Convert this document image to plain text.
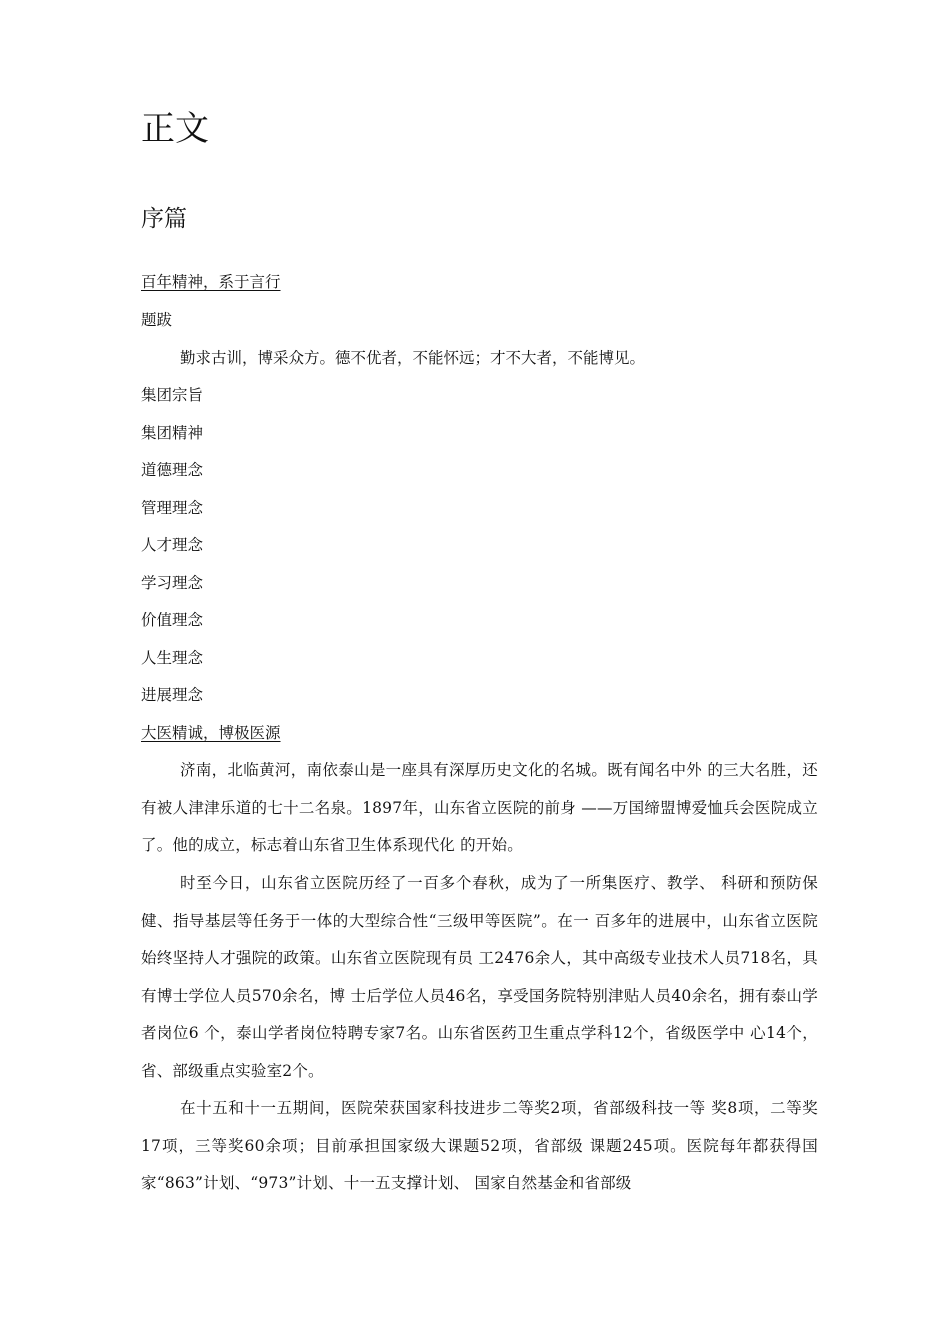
正文
序篇
百年精神，系于言行
题跋
勤求古训，博采众方。德不优者，不能怀远；才不大者，不能博见。
集团宗旨
集团精神
道德理念
管理理念
人才理念
学习理念
价值理念
人生理念
进展理念
大医精诚，博极医源
济南，北临黄河，南依泰山是一座具有深厚历史文化的名城。既有闻名中外 的三大名胜，还有被人津津乐道的七十二名泉。1897年，山东省立医院的前身 ——万国缔盟博爱恤兵会医院成立了。他的成立，标志着山东省卫生体系现代化 的开始。
时至今日，山东省立医院历经了一百多个春秋，成为了一所集医疗、教学、 科研和预防保健、指导基层等任务于一体的大型综合性“三级甲等医院”。在一 百多年的进展中，山东省立医院始终坚持人才强院的政策。山东省立医院现有员 工2476余人，其中高级专业技术人员718名，具有博士学位人员570余名，博 士后学位人员46名，享受国务院特别津贴人员40余名，拥有泰山学者岗位6 个，泰山学者岗位特聘专家7名。山东省医药卫生重点学科12个，省级医学中 心14个，省、部级重点实验室2个。
在十五和十一五期间，医院荣获国家科技进步二等奖2项，省部级科技一等 奖8项，二等奖17项，三等奖60余项；目前承担国家级大课题52项，省部级 课题245项。医院每年都获得国家“863”计划、“973”计划、十一五支撑计划、 国家自然基金和省部级
